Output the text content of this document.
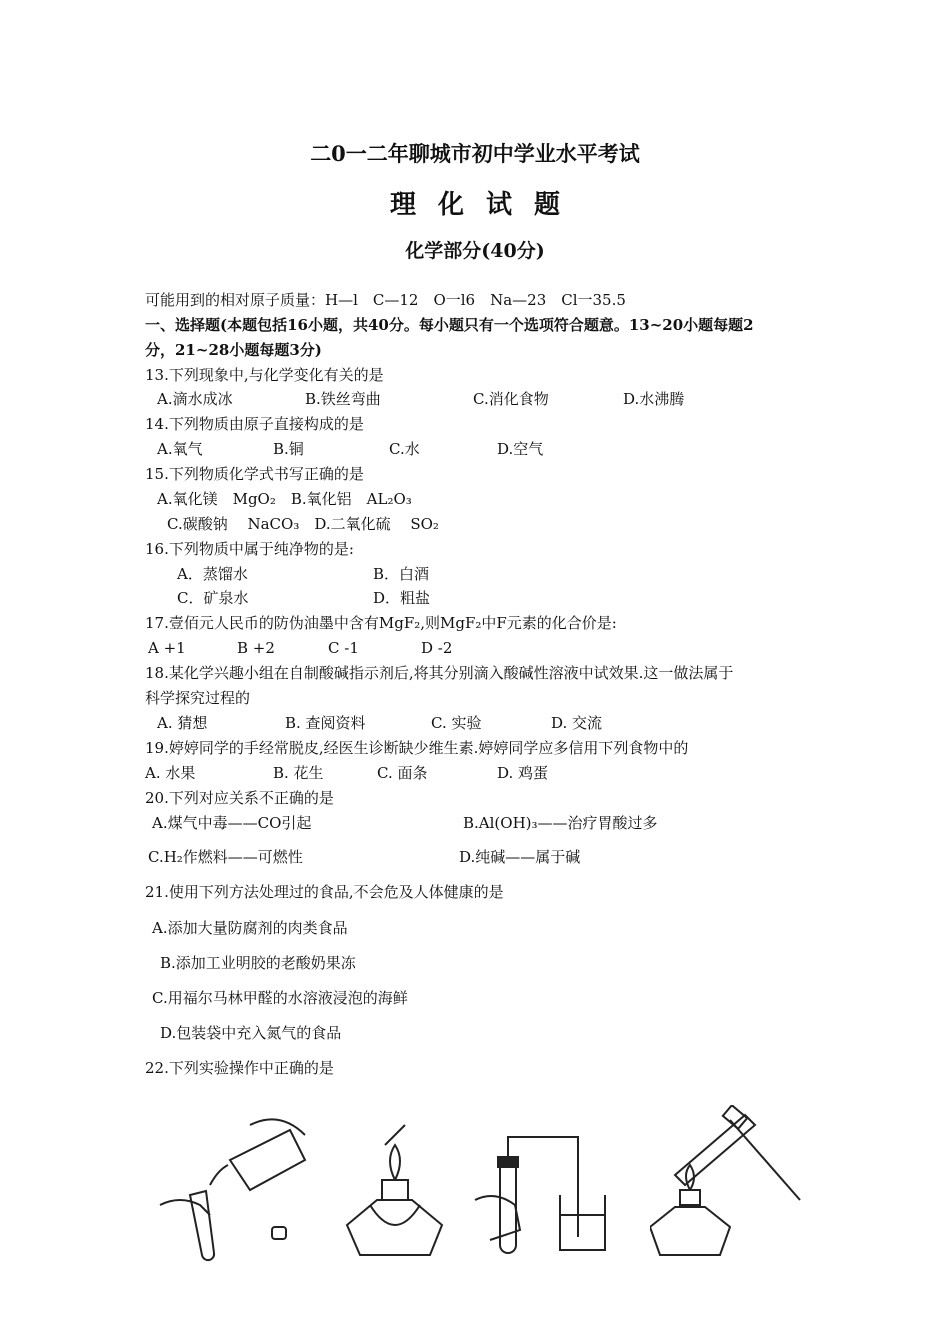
二0一二年聊城市初中学业水平考试
理化试题
化学部分(40分)
可能用到的相对原子质量：H—l　C—12　O一l6　Na—23　Cl一35.5
一、选择题(本题包括16小题，共40分。每小题只有一个选项符合题意。13~20小题每题2
分，21~28小题每题3分)
13.下列现象中,与化学变化有关的是
A.滴水成冰	B.铁丝弯曲	C.消化食物	D.水沸腾
14.下列物质由原子直接构成的是
A.氧气	B.铜	C.水	D.空气
15.下列物质化学式书写正确的是
A.氧化镁　MgO₂　B.氧化铝　AL₂O₃
C.碳酸钠　 NaCO₃　D.二氧化硫　 SO₂
16.下列物质中属于纯净物的是:
A．蒸馏水	B．白酒
C．矿泉水	D．粗盐
17.壹佰元人民币的防伪油墨中含有MgF₂,则MgF₂中F元素的化合价是:
A +1	B +2	C -1	D -2
18.某化学兴趣小组在自制酸碱指示剂后,将其分别滴入酸碱性溶液中试效果.这一做法属于
科学探究过程的
A. 猜想	B. 查阅资料	C. 实验	D. 交流
19.婷婷同学的手经常脱皮,经医生诊断缺少维生素.婷婷同学应多信用下列食物中的
A. 水果	B. 花生	C. 面条	D. 鸡蛋
20.下列对应关系不正确的是
A.煤气中毒——CO引起	B.Al(OH)₃——治疗胃酸过多
C.H₂作燃料——可燃性	D.纯碱——属于碱
21.使用下列方法处理过的食品,不会危及人体健康的是
A.添加大量防腐剂的肉类食品
B.添加工业明胶的老酸奶果冻
C.用福尔马林甲醛的水溶液浸泡的海鲜
D.包装袋中充入氮气的食品
22.下列实验操作中正确的是
